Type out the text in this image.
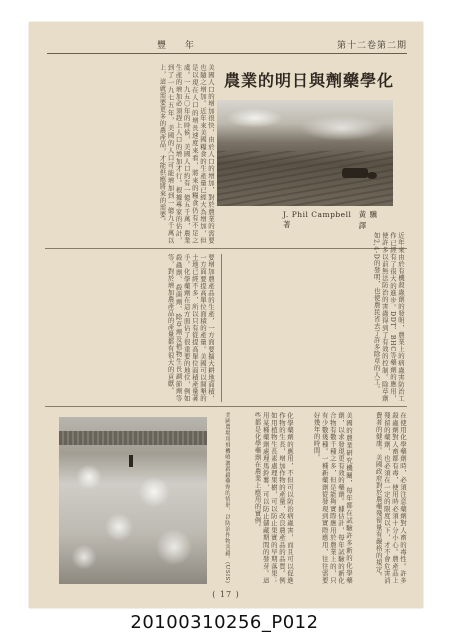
豐 年	第十二卷第二期
美國人口的增加很快，由於人口的增加，對於農業的需要也隨之增加。近年來美國糧食的生產量已經大為增加，但是以現在人口的增長速度來看，將來的糧食仍有不足之虞。一九五〇年的時候，美國人口約有一億五千萬，農業生產的增加必須趕上人口的增加才行。根據專家的估計，到了一九七五年，美國的人口可能增加到一億九千萬以上，這就需要更多的農產品，才能供應將來的需要。	農業的明日與劑藥學化
J. Phil Campbell 著
黃 驥 譯
要增加農產品的生產，一方面要擴大耕地面積，一方面要提高單位面積的產量。美國可以開墾的土地已經不多，所以只有從提高單位面積產量著手。化學藥劑在這方面佔了很重要的地位，例如殺蟲劑、殺菌劑、除草劑及植物生長調節劑等等，對於增加農產品的產量都有很大的貢獻。	近年來由於有機殺蟲劑的發明，農業上的病蟲害防治工作已經有了很大的進步。DDT、BHC等藥劑的應用，使許多以前無法防治的害蟲得到了有效的控制。除草劑如2,4-D的發明，也使農民省去了許多除草的人工。
美國農場用飛機噴灑殺蟲藥劑的情形，以防治作物害蟲。(USIS)	化學藥劑的應用，不但可以防治病蟲害，而且可以促進作物的生長，增加作物的產量，改良農產品的品質。例如用植物生長素處理果樹，可以防止果實的早期落果；用某種藥劑處理馬鈴薯，可以防止儲藏期間的發芽。這些都是化學藥劑在農業上應用的實例。	美國的農業研究機關，每年都在試驗許多新的化學藥劑，以求發現更有效的藥劑。據估計，每年試驗的新化合物有數千種之多，但是能夠實際應用於農業上的，只有少數幾種。一種新藥劑從發現到實際應用，往往需要好幾年的時間。	在使用化學藥劑時，必須注意藥劑對人畜的毒性。許多殺蟲劑對人畜都有毒，使用時必須十分小心。農產品上殘留的藥劑，也必須在一定的限度以下，才不會危害消費者的健康。美國政府對於農藥殘留量有嚴格的規定。
( 17 )
20100310256_P012
